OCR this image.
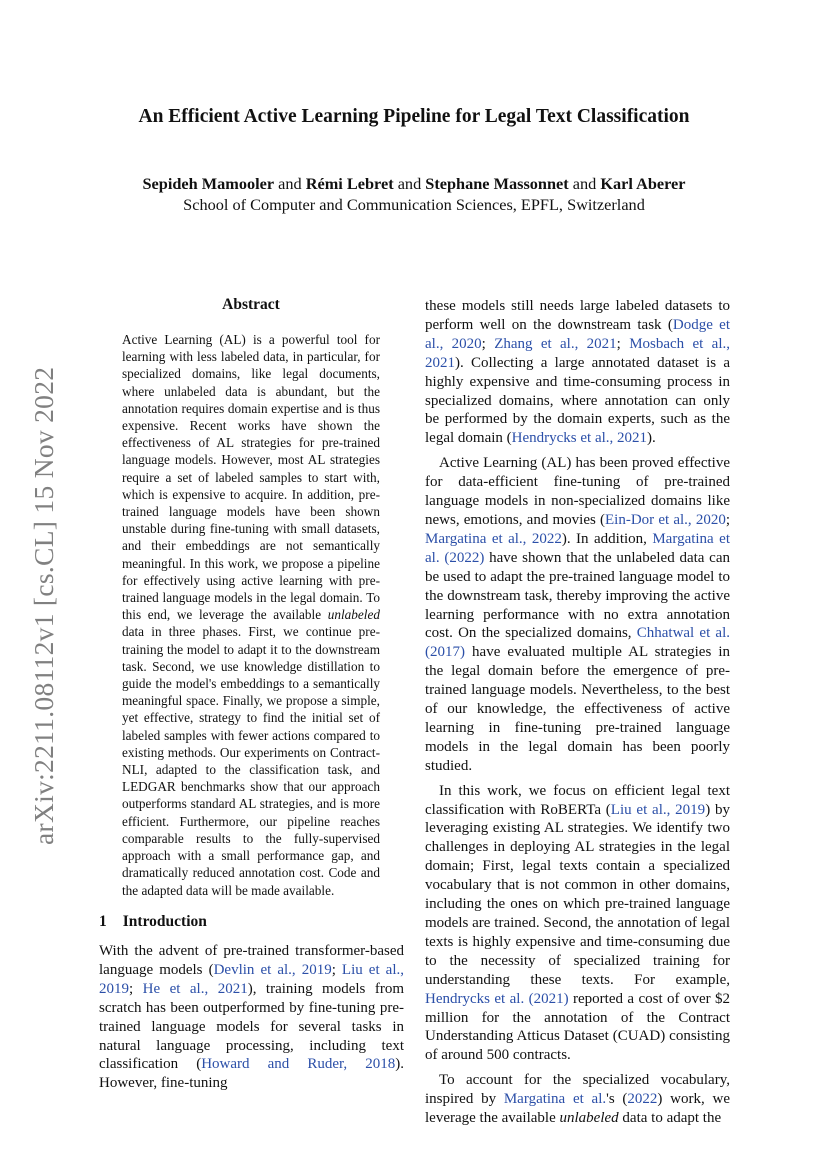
An Efficient Active Learning Pipeline for Legal Text Classification
Sepideh Mamooler and Rémi Lebret and Stephane Massonnet and Karl Aberer
School of Computer and Communication Sciences, EPFL, Switzerland
arXiv:2211.08112v1 [cs.CL] 15 Nov 2022
Abstract
Active Learning (AL) is a powerful tool for learning with less labeled data, in particular, for specialized domains, like legal documents, where unlabeled data is abundant, but the annotation requires domain expertise and is thus expensive. Recent works have shown the effectiveness of AL strategies for pre-trained language models. However, most AL strategies require a set of labeled samples to start with, which is expensive to acquire. In addition, pre-trained language models have been shown unstable during fine-tuning with small datasets, and their embeddings are not semantically meaningful. In this work, we propose a pipeline for effectively using active learning with pre-trained language models in the legal domain. To this end, we leverage the available unlabeled data in three phases. First, we continue pre-training the model to adapt it to the downstream task. Second, we use knowledge distillation to guide the model's embeddings to a semantically meaningful space. Finally, we propose a simple, yet effective, strategy to find the initial set of labeled samples with fewer actions compared to existing methods. Our experiments on Contract-NLI, adapted to the classification task, and LEDGAR benchmarks show that our approach outperforms standard AL strategies, and is more efficient. Furthermore, our pipeline reaches comparable results to the fully-supervised approach with a small performance gap, and dramatically reduced annotation cost. Code and the adapted data will be made available.
1 Introduction
With the advent of pre-trained transformer-based language models (Devlin et al., 2019; Liu et al., 2019; He et al., 2021), training models from scratch has been outperformed by fine-tuning pre-trained language models for several tasks in natural language processing, including text classification (Howard and Ruder, 2018). However, fine-tuning

these models still needs large labeled datasets to perform well on the downstream task (Dodge et al., 2020; Zhang et al., 2021; Mosbach et al., 2021). Collecting a large annotated dataset is a highly expensive and time-consuming process in specialized domains, where annotation can only be performed by the domain experts, such as the legal domain (Hendrycks et al., 2021).

Active Learning (AL) has been proved effective for data-efficient fine-tuning of pre-trained language models in non-specialized domains like news, emotions, and movies (Ein-Dor et al., 2020; Margatina et al., 2022). In addition, Margatina et al. (2022) have shown that the unlabeled data can be used to adapt the pre-trained language model to the downstream task, thereby improving the active learning performance with no extra annotation cost. On the specialized domains, Chhatwal et al. (2017) have evaluated multiple AL strategies in the legal domain before the emergence of pre-trained language models. Nevertheless, to the best of our knowledge, the effectiveness of active learning in fine-tuning pre-trained language models in the legal domain has been poorly studied.

In this work, we focus on efficient legal text classification with RoBERTa (Liu et al., 2019) by leveraging existing AL strategies. We identify two challenges in deploying AL strategies in the legal domain; First, legal texts contain a specialized vocabulary that is not common in other domains, including the ones on which pre-trained language models are trained. Second, the annotation of legal texts is highly expensive and time-consuming due to the necessity of specialized training for understanding these texts. For example, Hendrycks et al. (2021) reported a cost of over $2 million for the annotation of the Contract Understanding Atticus Dataset (CUAD) consisting of around 500 contracts.

To account for the specialized vocabulary, inspired by Margatina et al.'s (2022) work, we leverage the available unlabeled data to adapt the
